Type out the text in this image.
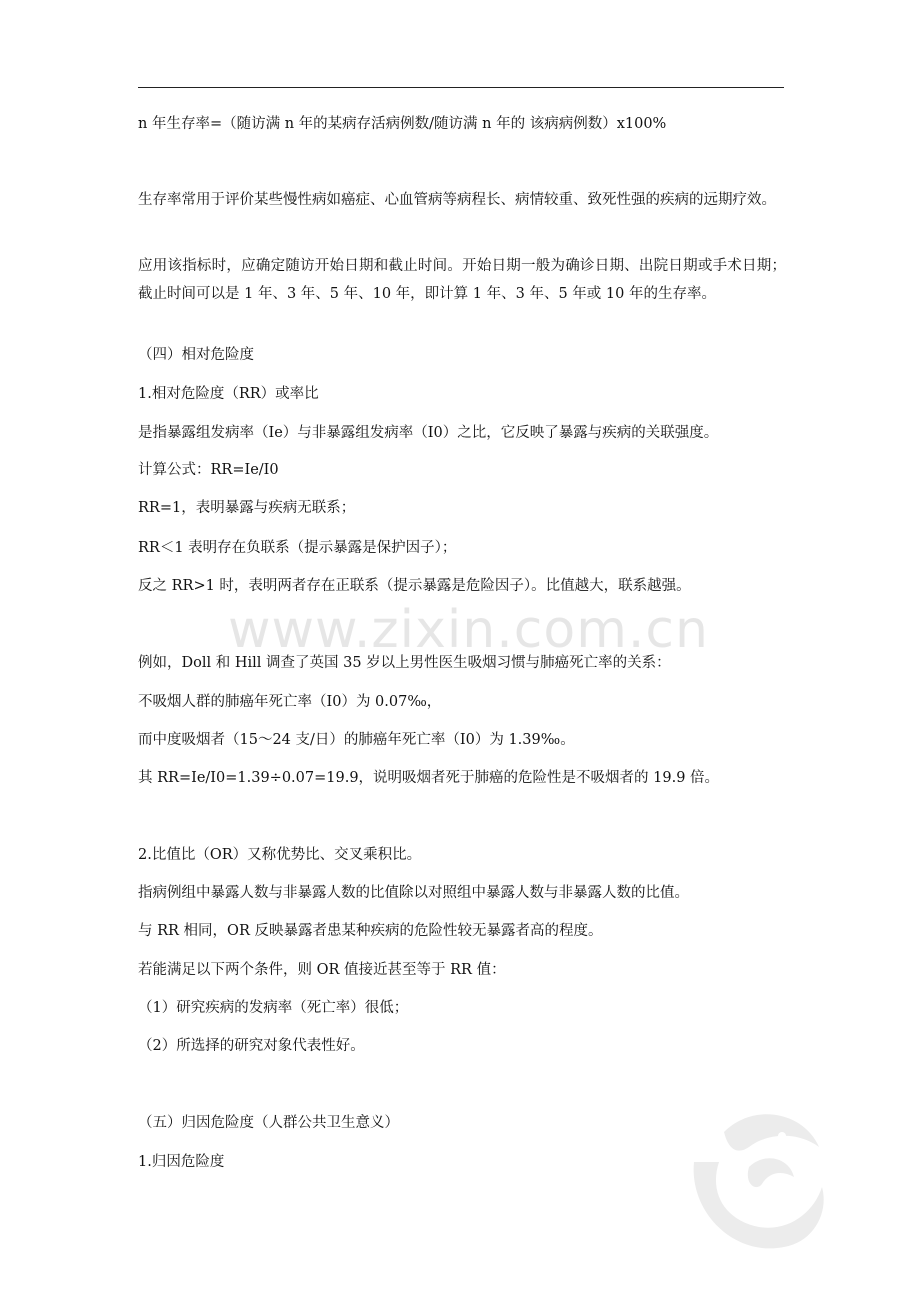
n 年生存率=（随访满 n 年的某病存活病例数/随访满 n 年的 该病病例数）x100%
生存率常用于评价某些慢性病如癌症、心血管病等病程长、病情较重、致死性强的疾病的远期疗效。
应用该指标时，应确定随访开始日期和截止时间。开始日期一般为确诊日期、出院日期或手术日期；截止时间可以是 1 年、3 年、5 年、10 年，即计算 1 年、3 年、5 年或 10 年的生存率。
（四）相对危险度
1.相对危险度（RR）或率比
是指暴露组发病率（Ie）与非暴露组发病率（I0）之比，它反映了暴露与疾病的关联强度。
计算公式：RR=Ie/I0
RR=1，表明暴露与疾病无联系；
RR＜1 表明存在负联系（提示暴露是保护因子）；
反之 RR>1 时，表明两者存在正联系（提示暴露是危险因子）。比值越大，联系越强。
www.zixin.com.cn
例如，Doll 和 Hill 调查了英国 35 岁以上男性医生吸烟习惯与肺癌死亡率的关系：
不吸烟人群的肺癌年死亡率（I0）为 0.07‰，
而中度吸烟者（15〜24 支/日）的肺癌年死亡率（I0）为 1.39‰。
其 RR=Ie/I0=1.39÷0.07=19.9，说明吸烟者死于肺癌的危险性是不吸烟者的 19.9 倍。
2.比值比（OR）又称优势比、交叉乘积比。
指病例组中暴露人数与非暴露人数的比值除以对照组中暴露人数与非暴露人数的比值。
与 RR 相同，OR 反映暴露者患某种疾病的危险性较无暴露者高的程度。
若能满足以下两个条件，则 OR 值接近甚至等于 RR 值：
（1）研究疾病的发病率（死亡率）很低；
（2）所选择的研究对象代表性好。
（五）归因危险度（人群公共卫生意义）
1.归因危险度
